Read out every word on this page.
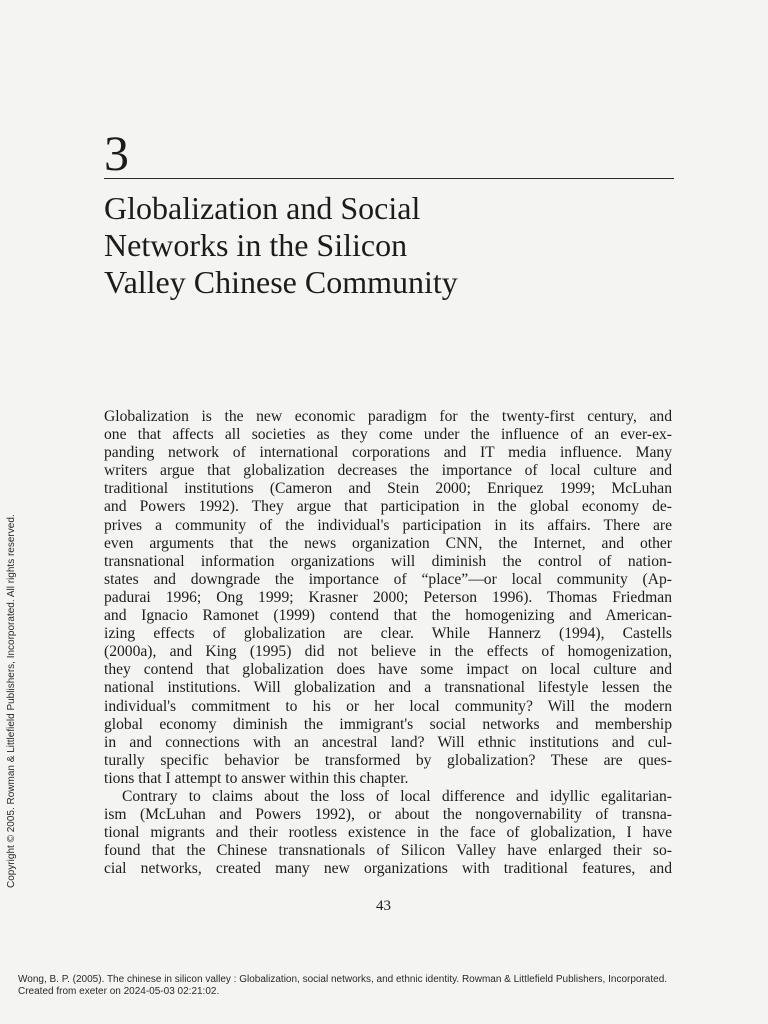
3
Globalization and Social
Networks in the Silicon
Valley Chinese Community
Globalization is the new economic paradigm for the twenty-first century, and
one that affects all societies as they come under the influence of an ever-ex-
panding network of international corporations and IT media influence. Many
writers argue that globalization decreases the importance of local culture and
traditional institutions (Cameron and Stein 2000; Enriquez 1999; McLuhan
and Powers 1992). They argue that participation in the global economy de-
prives a community of the individual's participation in its affairs. There are
even arguments that the news organization CNN, the Internet, and other
transnational information organizations will diminish the control of nation-
states and downgrade the importance of “place”—or local community (Ap-
padurai 1996; Ong 1999; Krasner 2000; Peterson 1996). Thomas Friedman
and Ignacio Ramonet (1999) contend that the homogenizing and American-
izing effects of globalization are clear. While Hannerz (1994), Castells
(2000a), and King (1995) did not believe in the effects of homogenization,
they contend that globalization does have some impact on local culture and
national institutions. Will globalization and a transnational lifestyle lessen the
individual's commitment to his or her local community? Will the modern
global economy diminish the immigrant's social networks and membership
in and connections with an ancestral land? Will ethnic institutions and cul-
turally specific behavior be transformed by globalization? These are ques-
tions that I attempt to answer within this chapter.
Contrary to claims about the loss of local difference and idyllic egalitarian-
ism (McLuhan and Powers 1992), or about the nongovernability of transna-
tional migrants and their rootless existence in the face of globalization, I have
found that the Chinese transnationals of Silicon Valley have enlarged their so-
cial networks, created many new organizations with traditional features, and
43
Copyright © 2005. Rowman & Littlefield Publishers, Incorporated. All rights reserved.
Wong, B. P. (2005). The chinese in silicon valley : Globalization, social networks, and ethnic identity. Rowman & Littlefield Publishers, Incorporated.
Created from exeter on 2024-05-03 02:21:02.
